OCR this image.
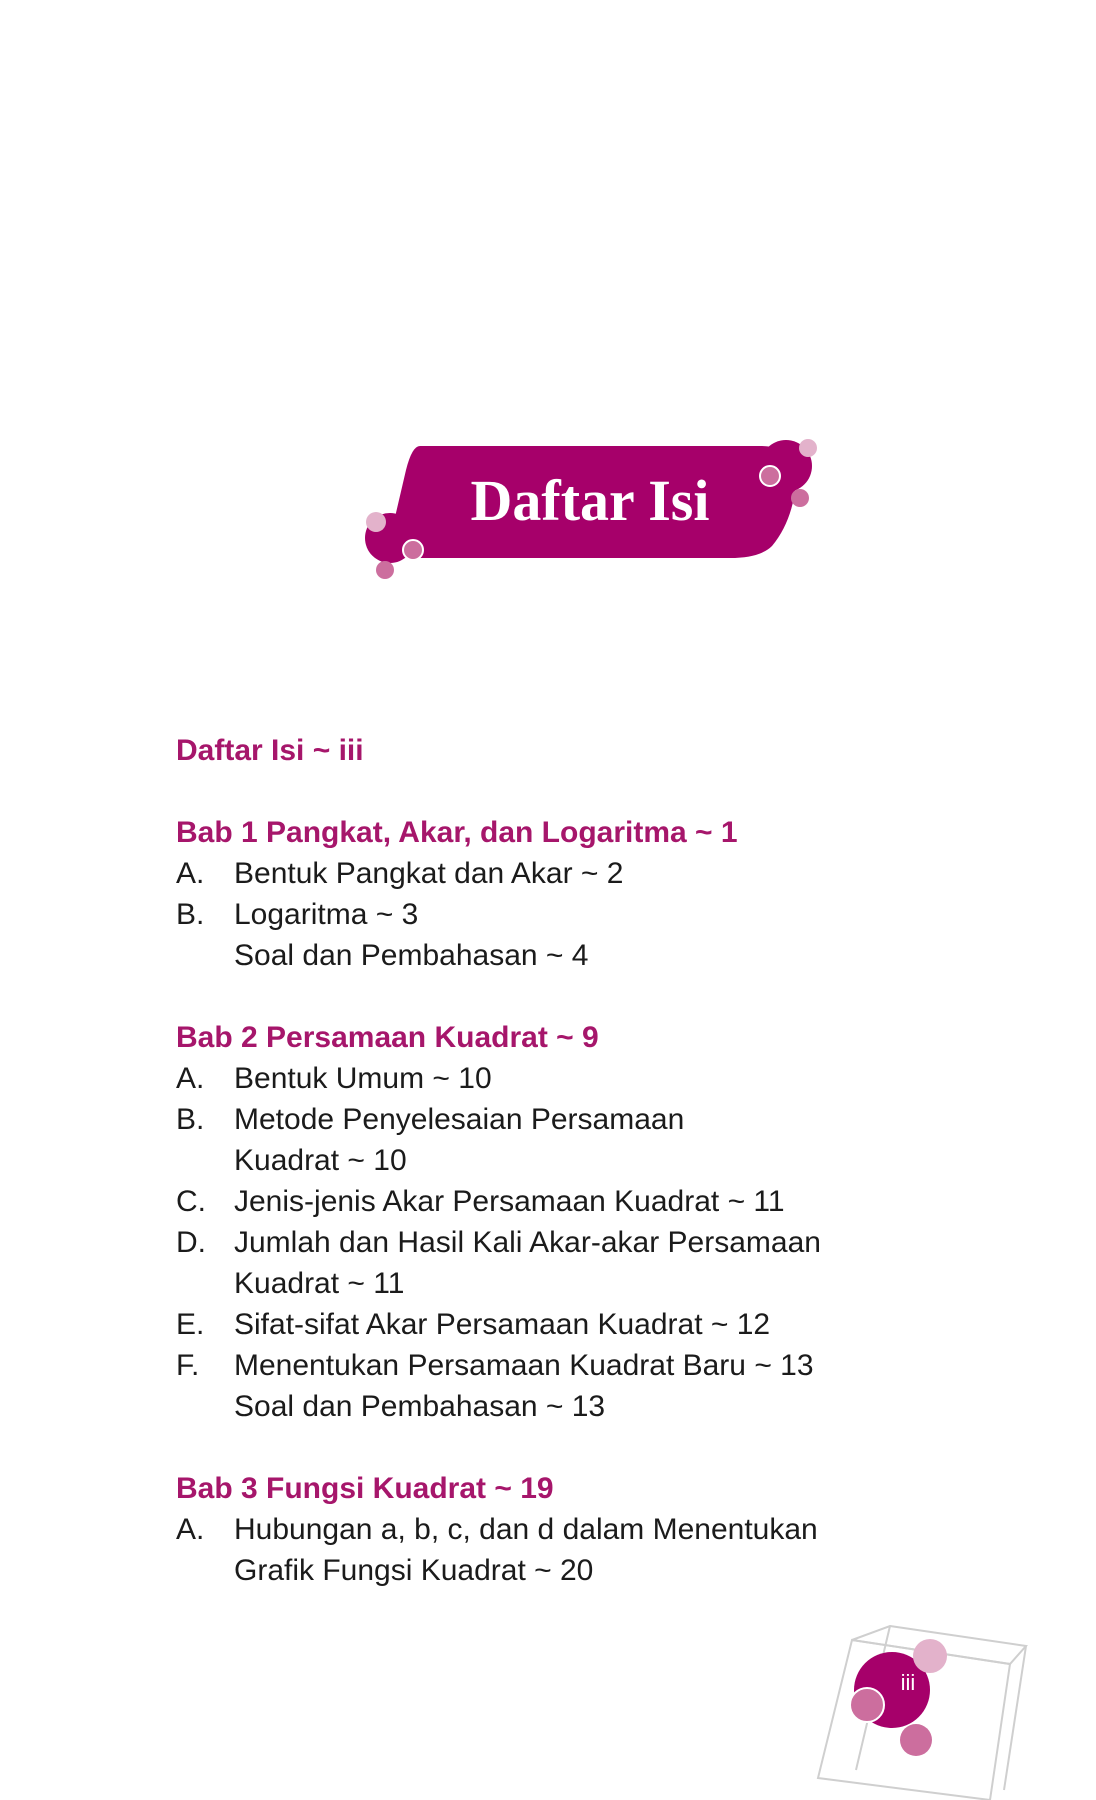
Daftar Isi
Daftar Isi ~ iii
Bab 1 Pangkat, Akar, dan Logaritma ~ 1
A. Bentuk Pangkat dan Akar ~ 2
B. Logaritma ~ 3
Soal dan Pembahasan ~ 4
Bab 2 Persamaan Kuadrat ~ 9
A. Bentuk Umum ~ 10
B. Metode Penyelesaian Persamaan
Kuadrat ~ 10
C. Jenis-jenis Akar Persamaan Kuadrat ~ 11
D. Jumlah dan Hasil Kali Akar-akar Persamaan
Kuadrat ~ 11
E. Sifat-sifat Akar Persamaan Kuadrat ~ 12
F. Menentukan Persamaan Kuadrat Baru ~ 13
Soal dan Pembahasan ~ 13
Bab 3 Fungsi Kuadrat ~ 19
A. Hubungan a, b, c, dan d dalam Menentukan
Grafik Fungsi Kuadrat ~ 20
iii
